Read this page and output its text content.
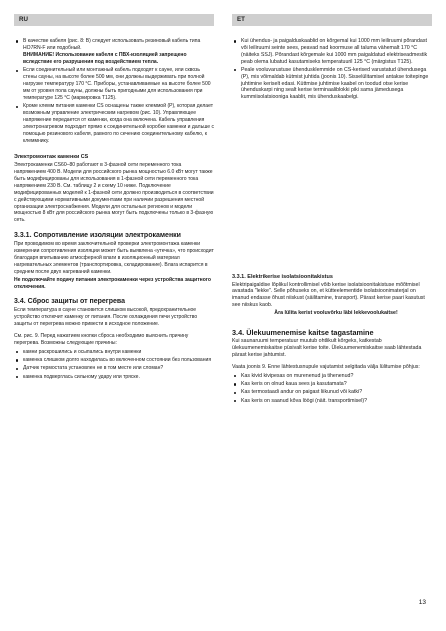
RU	ET
В качестве кабеля (рис. 8: B) следует использовать резиновый кабель типа HO7RN-F или подобный.
ВНИМАНИЕ! Использование кабеля с ПВХ-изоляцией запрещено вследствие его разрушения под воздействием тепла.
Если соединительный или монтажный кабель подходят к сауне, или сквозь стены сауны, на высоте более 500 мм, они должны выдерживать при полной нагрузке температуру 170 °С. Приборы, устанавливаемые на высоте более 500 мм от уровня пола сауны, должны быть пригодными для использования при температуре 125 °C (маркировка T125).
Кроме клемм питания каменки CS оснащены также клеммой (P), которая делает возможным управление электрическим нагревом (рис. 10). Управляющее напряжение передается от каменки, когда она включена. Кабель управления электронагревом подходит прямо к соединительной коробке каменки и дальше с помощью резинового кабеля, равного по сечению соединительному кабелю, к клеммнику.
Электромонтаж каменки CS

Электрокаменки CS60–80 работают в 3-фазной сети переменного тока напряжением 400 В. Модели для российского рынка мощностью 6.0 кВт могут также быть модифицированы для использования в 1-фазной сети переменного тока напряжением 230 В. См. таблицу 2 и схему 10 ниже. Подключение модифицированных моделей к 1-фазной сети должно производиться в соответствии с действующими нормативными документами при наличии разрешения местной организации электроснабжения. Модели для остальных регионов и модели мощностью 8 кВт для российского рынка могут быть подключены только в 3-фазную сеть.

3.3.1. Сопротивление изоляции электрокаменки

При проводимом во время заключительной проверки электромонтажа каменки измерении сопротивления изоляции может быть выявлена «утечка», что происходит благодаря впитыванию атмосферной влаги в изоляционный материал нагревательных элементов (транспортировка, складирование). Влага испарится в среднем после двух нагреваний каменки.

Не подключайте подачу питания электрокаменки через устройства защитного отключения.

3.4. Сброс защиты от перегрева

Если температура в сауне становится слишком высокой, предохранительное устройство отключит каменку от питания. После охлаждения печи устройство защиты от перегрева можно привести в исходное положение.

См. рис. 9. Перед нажатием кнопки сброса необходимо выяснить причину перегрева. Возможны следующие причины:

камни раскрошились и осыпались внутри каменки
каменка слишком долго находилась во включенном состоянии без пользования
Датчик термостата установлен не в том месте или сломан?
каменка подверглась сильному удару или тряске.
Kui ühendus- ja paigalduskaablid on kõrgemal kui 1000 mm leiliruumi põrandast või leiliruumi seinte sees, peavad nad koormuse all taluma vähemalt 170 °C (näiteks SSJ). Põrandast kõrgemale kui 1000 mm paigaldatud elektriseadmestik peab olema lubatud kasutamiseks temperatuuril 125 °C (märgistus T125).
Peale vooluvarustuse ühendusklemmide on CS-kerised varustatud ühendusega (P), mis võimaldab kütmist juhtida (joonis 10). Sisselülitamisel antakse toitepinge juhtimine keriselt edasi. Küttmise juhtimise kaabel on toodud otse kerise ühenduskarpi ning sealt kerise terminaaliblokki piki sama jämedusega kummiisolatsiooniga kaablit, mis ühenduskaabelgi.
3.3.1. Elektrikerise isolatsioonitakistus

Elektripaigaldise lõplikul kontrollimisel võib kerise isolatsioonitakistuse mõõtmisel avastada "lekke". Selle põhuseks on, et kütteelementide isolatsioonimaterjal on imanud endasse õhust niiskust (säilitamine, transport). Pärast kerise paari kasutust see niiskus kaob.

Ära lülita kerist vooluvõrku läbi lekkevoolukaitse!

3.4. Ülekuumenemise kaitse tagastamine

Kui saunaruumi temperatuur muutub ohtlikult kõrgeks, katkestab ülekuumenemiskaitse püsivalt kerise toite. Ülekuumenemiskaitse saab lähtestada pärast kerise jahtumist.

Vaata joonis 9. Enne lähtestusnupule vajutamist selgitada välja lülitumise põhjus:

Kas kivid kivipesas on murenenud ja tihenenud?
Kas keris on olnud kaua sees ja kasutamata?
Kas termostaadi andur on paigast liikunud või katki?
Kas keris on saanud kõva löögi (näit. transportimisel)?
13
